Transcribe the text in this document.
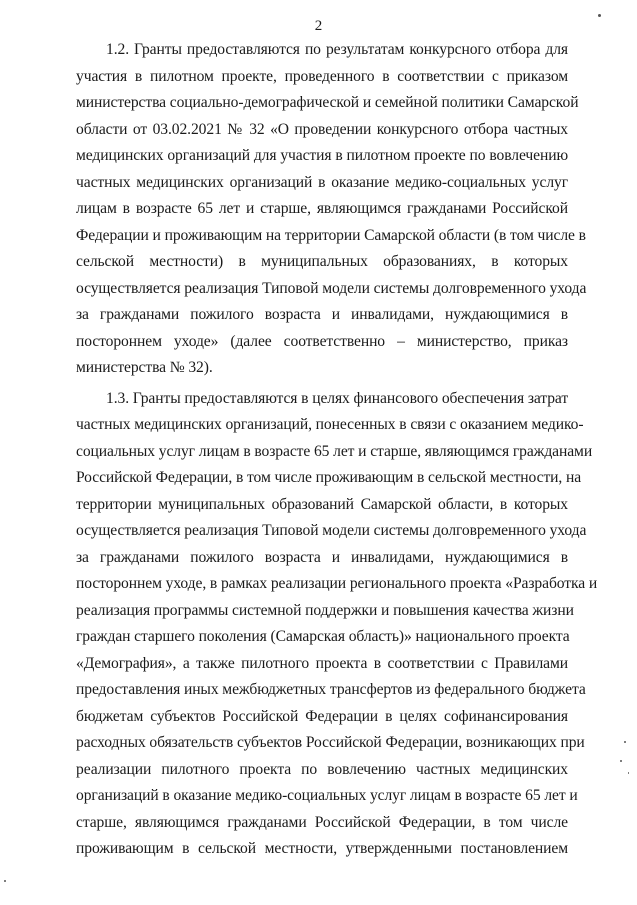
2
1.2. Гранты предоставляются по результатам конкурсного отбора для
участия в пилотном проекте, проведенного в соответствии с приказом
министерства социально-демографической и семейной политики Самарской
области от 03.02.2021 № 32 «О проведении конкурсного отбора частных
медицинских организаций для участия в пилотном проекте по вовлечению
частных медицинских организаций в оказание медико-социальных услуг
лицам в возрасте 65 лет и старше, являющимся гражданами Российской
Федерации и проживающим на территории Самарской области (в том числе в
сельской местности) в муниципальных образованиях, в которых
осуществляется реализация Типовой модели системы долговременного ухода
за гражданами пожилого возраста и инвалидами, нуждающимися в
постороннем уходе» (далее соответственно – министерство, приказ
министерства № 32).
1.3. Гранты предоставляются в целях финансового обеспечения затрат
частных медицинских организаций, понесенных в связи с оказанием медико-
социальных услуг лицам в возрасте 65 лет и старше, являющимся гражданами
Российской Федерации, в том числе проживающим в сельской местности, на
территории муниципальных образований Самарской области, в которых
осуществляется реализация Типовой модели системы долговременного ухода
за гражданами пожилого возраста и инвалидами, нуждающимися в
постороннем уходе, в рамках реализации регионального проекта «Разработка и
реализация программы системной поддержки и повышения качества жизни
граждан старшего поколения (Самарская область)» национального проекта
«Демография», а также пилотного проекта в соответствии с Правилами
предоставления иных межбюджетных трансфертов из федерального бюджета
бюджетам субъектов Российской Федерации в целях софинансирования
расходных обязательств субъектов Российской Федерации, возникающих при
реализации пилотного проекта по вовлечению частных медицинских
организаций в оказание медико-социальных услуг лицам в возрасте 65 лет и
старше, являющимся гражданами Российской Федерации, в том числе
проживающим в сельской местности, утвержденными постановлением
